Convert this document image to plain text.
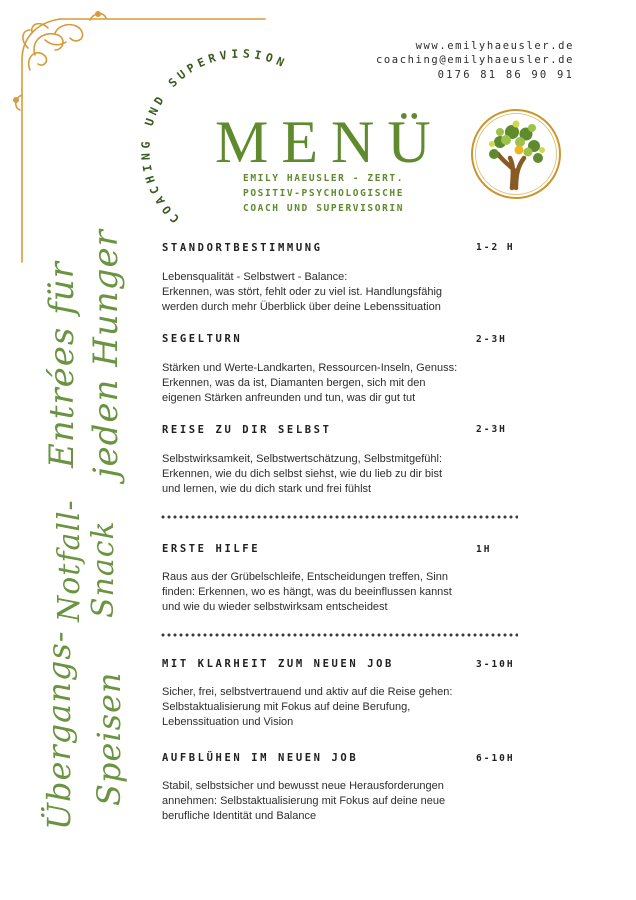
www.emilyhaeusler.de
coaching@emilyhaeusler.de
0176 81 86 90 91
COACHING UND SUPERVISION
MENÜ
EMILY HAEUSLER - ZERT.
POSITIV-PSYCHOLOGISCHE
COACH UND SUPERVISORIN
Entrées für jeden Hunger
Notfall- Snack
Übergangs- Speisen
STANDORTBESTIMMUNG	1-2 H
Lebensqualität - Selbstwert - Balance:
Erkennen, was stört, fehlt oder zu viel ist. Handlungsfähig
werden durch mehr Überblick über deine Lebenssituation
SEGELTURN	2-3H
Stärken und Werte-Landkarten, Ressourcen-Inseln, Genuss:
Erkennen, was da ist, Diamanten bergen, sich mit den
eigenen Stärken anfreunden und tun, was dir gut tut
REISE ZU DIR SELBST	2-3H
Selbstwirksamkeit, Selbstwertschätzung, Selbstmitgefühl:
Erkennen, wie du dich selbst siehst, wie du lieb zu dir bist
und lernen, wie du dich stark und frei fühlst
ERSTE HILFE	1H
Raus aus der Grübelschleife, Entscheidungen treffen, Sinn
finden: Erkennen, wo es hängt, was du beeinflussen kannst
und wie du wieder selbstwirksam entscheidest
MIT KLARHEIT ZUM NEUEN JOB	3-10H
Sicher, frei, selbstvertrauend und aktiv auf die Reise gehen:
Selbstaktualisierung mit Fokus auf deine Berufung,
Lebenssituation und Vision
AUFBLÜHEN IM NEUEN JOB	6-10H
Stabil, selbstsicher und bewusst neue Herausforderungen
annehmen: Selbstaktualisierung mit Fokus auf deine neue
berufliche Identität und Balance
